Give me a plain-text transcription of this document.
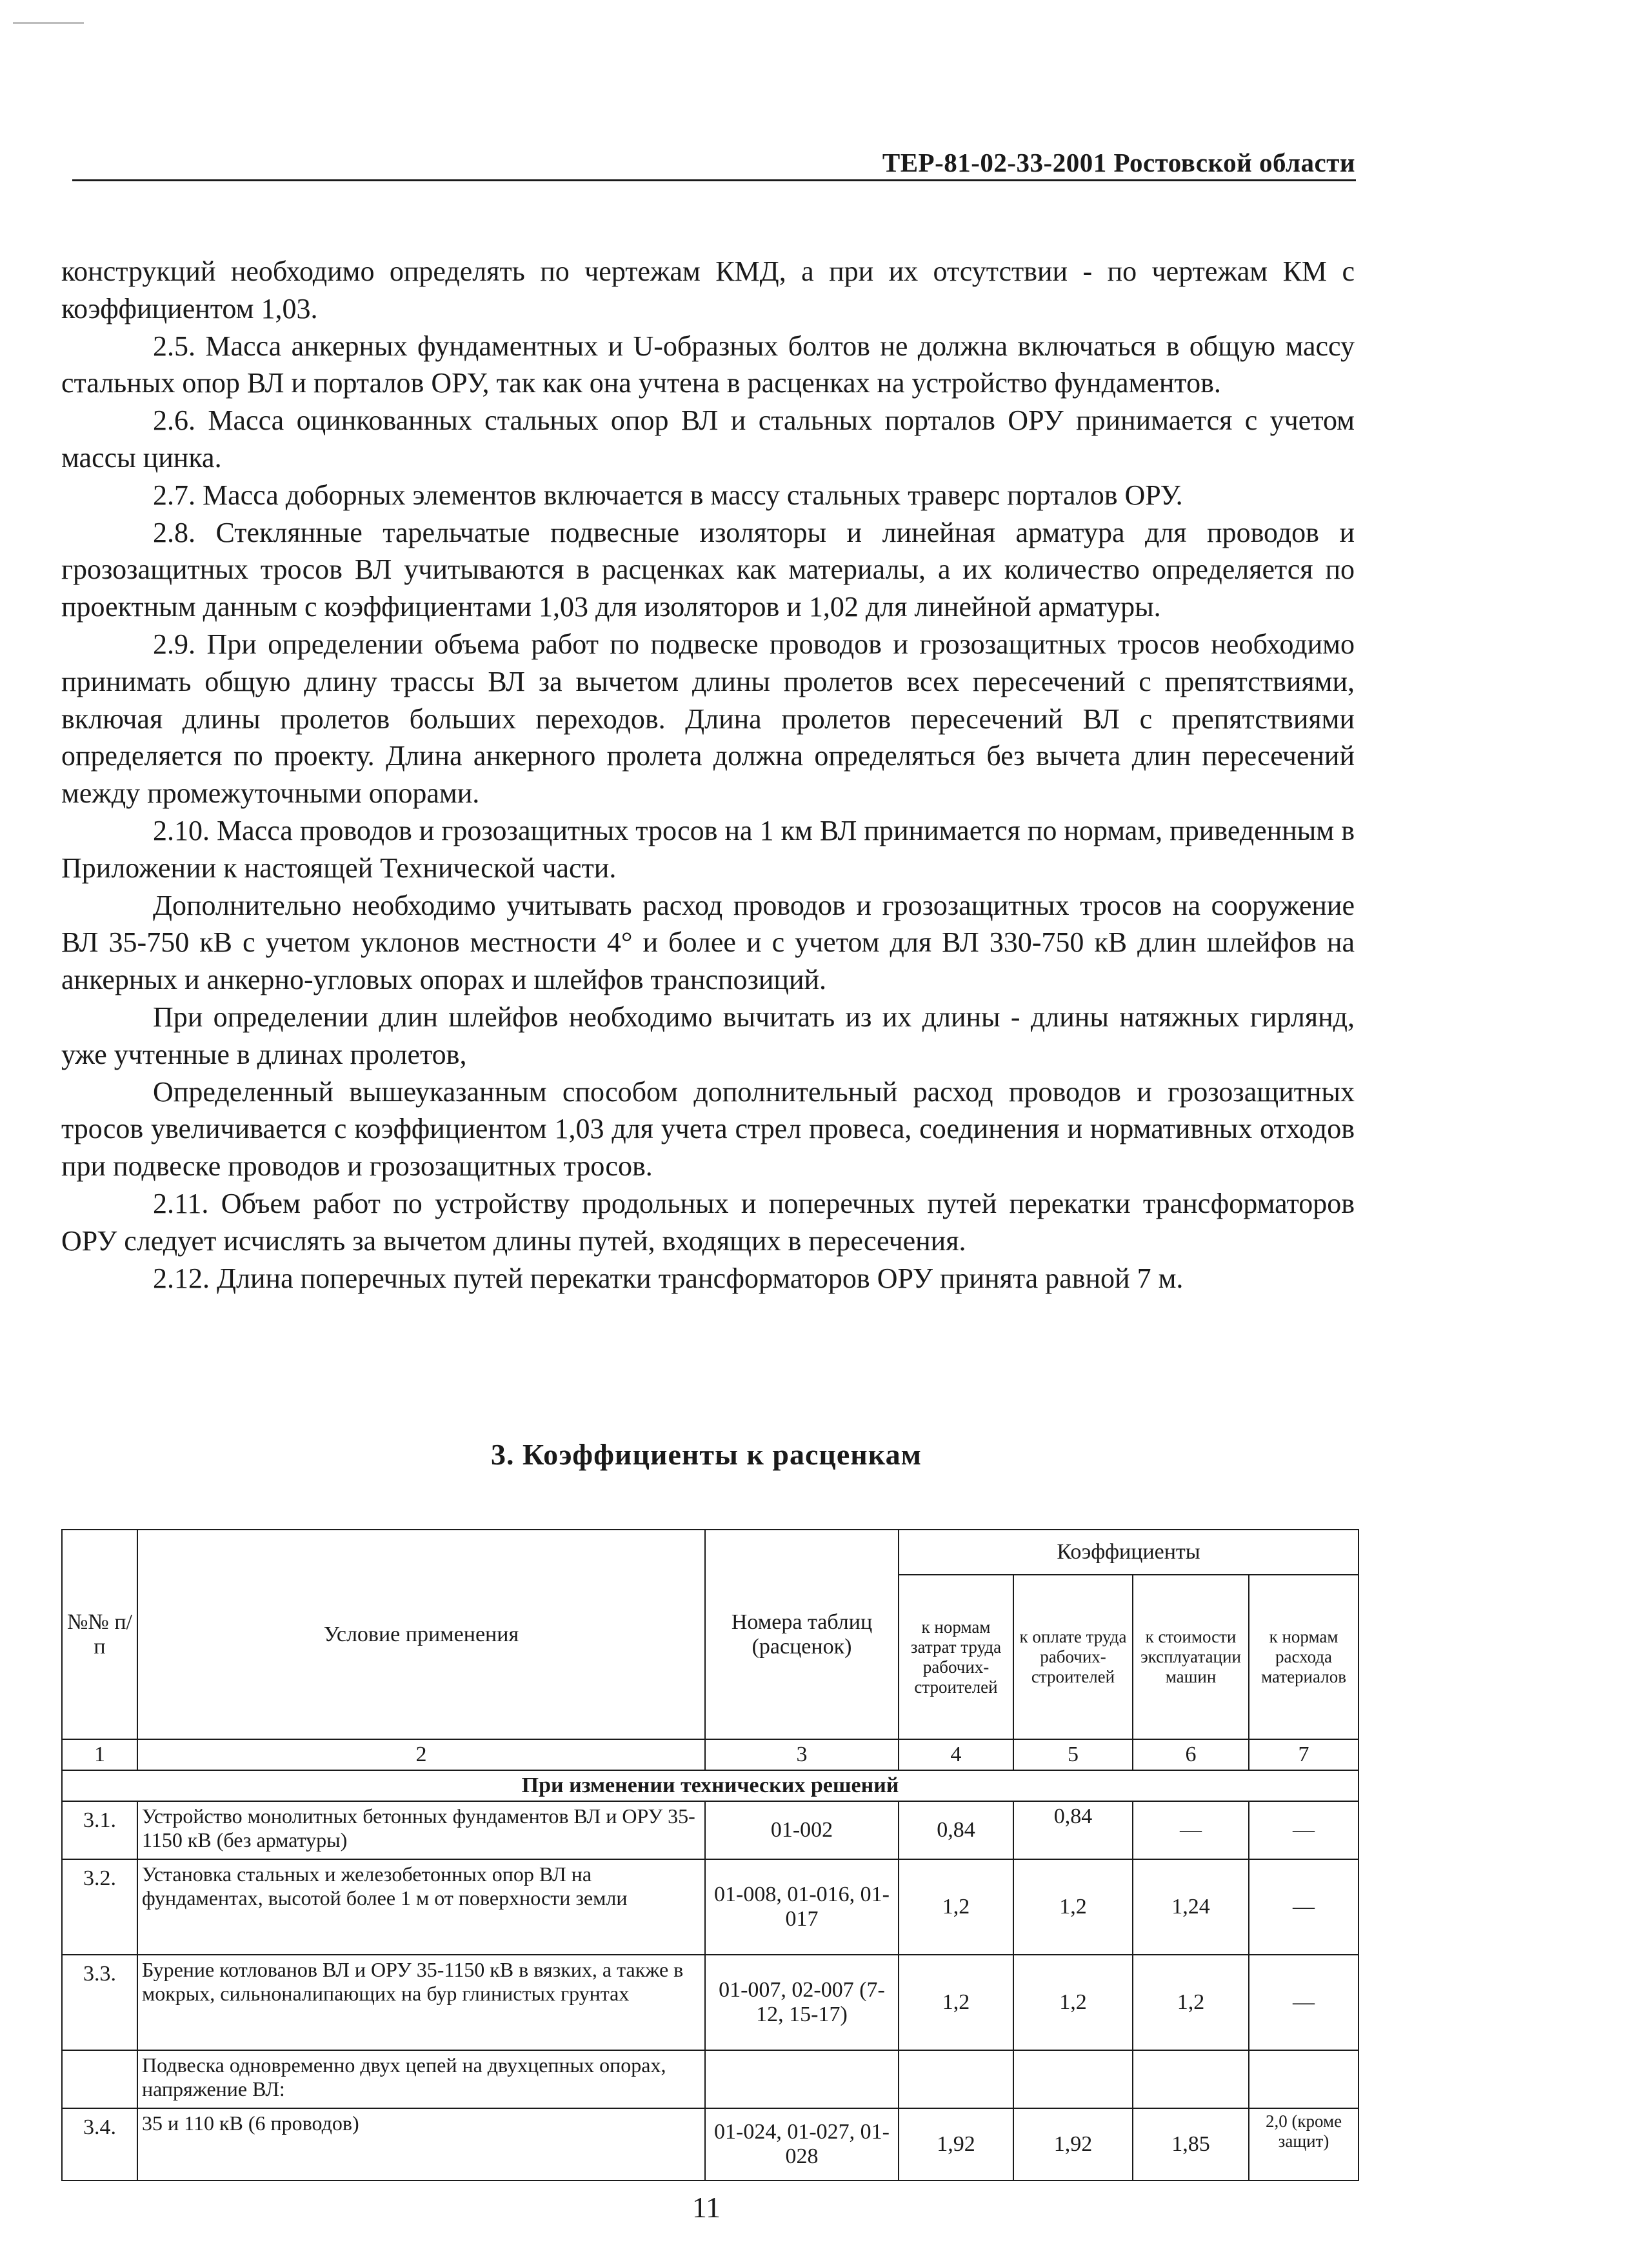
ТЕР-81-02-33-2001 Ростовской области

конструкций необходимо определять по чертежам КМД, а при их отсутствии - по чертежам КМ с коэффициентом 1,03.

2.5. Масса анкерных фундаментных и U-образных болтов не должна включаться в общую массу стальных опор ВЛ и порталов ОРУ, так как она учтена в расценках на устройство фундаментов.

2.6. Масса оцинкованных стальных опор ВЛ и стальных порталов ОРУ принимается с учетом массы цинка.

2.7. Масса доборных элементов включается в массу стальных траверс порталов ОРУ.

2.8. Стеклянные тарельчатые подвесные изоляторы и линейная арматура для проводов и грозозащитных тросов ВЛ учитываются в расценках как материалы, а их количество определяется по проектным данным с коэффициентами 1,03 для изоляторов и 1,02 для линейной арматуры.

2.9. При определении объема работ по подвеске проводов и грозозащитных тросов необходимо принимать общую длину трассы ВЛ за вычетом длины пролетов всех пересечений с препятствиями, включая длины пролетов больших переходов. Длина пролетов пересечений ВЛ с препятствиями определяется по проекту. Длина анкерного пролета должна определяться без вычета длин пересечений между промежуточными опорами.

2.10. Масса проводов и грозозащитных тросов на 1 км ВЛ принимается по нормам, приведенным в Приложении к настоящей Технической части.

Дополнительно необходимо учитывать расход проводов и грозозащитных тросов на сооружение ВЛ 35-750 кВ с учетом уклонов местности 4° и более и с учетом для ВЛ 330-750 кВ длин шлейфов на анкерных и анкерно-угловых опорах и шлейфов транспозиций.

При определении длин шлейфов необходимо вычитать из их длины - длины натяжных гирлянд, уже учтенные в длинах пролетов,

Определенный вышеуказанным способом дополнительный расход проводов и грозозащитных тросов увеличивается с коэффициентом 1,03 для учета стрел провеса, соединения и нормативных отходов при подвеске проводов и грозозащитных тросов.

2.11. Объем работ по устройству продольных и поперечных путей перекатки трансформаторов ОРУ следует исчислять за вычетом длины путей, входящих в пересечения.

2.12. Длина поперечных путей перекатки трансформаторов ОРУ принята равной 7 м.

3. Коэффициенты к расценкам
№№ п/п	Условие применения	Номера таблиц (расценок)	Коэффициенты			
			к нормам затрат труда рабочих-строителей	к оплате труда рабочих-строителей	к стоимости эксплуатации машин	к нормам расхода материалов
1	2	3	4	5	6	7
При изменении технических решений						
3.1.	Устройство монолитных бетонных фундаментов ВЛ и ОРУ 35-1150 кВ (без арматуры)	01-002	0,84	0,84	—	—
3.2.	Установка стальных и железобетонных опор ВЛ на фундаментах, высотой более 1 м от поверхности земли	01-008, 01-016, 01-017	1,2	1,2	1,24	—
3.3.	Бурение котлованов ВЛ и ОРУ 35-1150 кВ в вязких, а также в мокрых, сильноналипающих на бур глинистых грунтах	01-007, 02-007 (7-12, 15-17)	1,2	1,2	1,2	—
	Подвеска одновременно двух цепей на двухцепных опорах, напряжение ВЛ:					
3.4.	35 и 110 кВ (6 проводов)	01-024, 01-027, 01-028	1,92	1,92	1,85	2,0 (кроме защит)
11
